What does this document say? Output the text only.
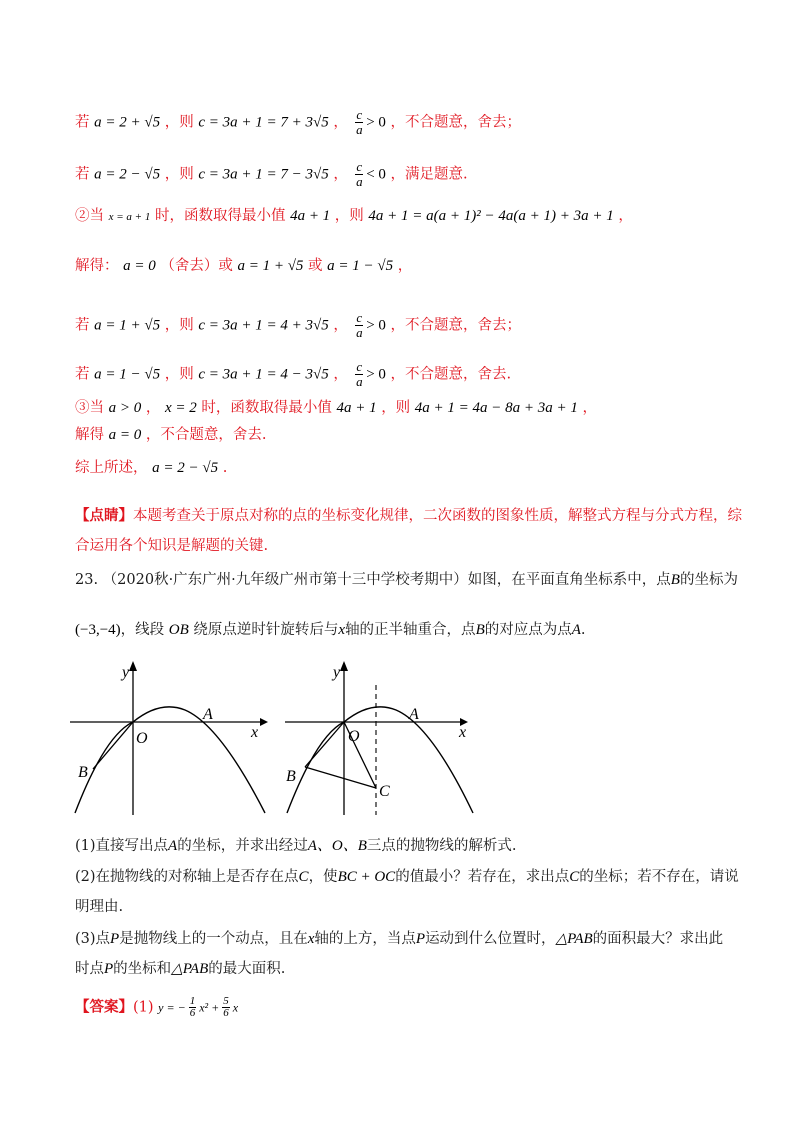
若 a = 2 + √5 ，则 c = 3a + 1 = 7 + 3√5 ， $\frac{c}{a} > 0$ ，不合题意，舍去；
若 a = 2 − √5 ，则 c = 3a + 1 = 7 − 3√5 ， $\frac{c}{a} < 0$ ，满足题意.
②当 x = a + 1 时，函数取得最小值 4a + 1 ，则 4a + 1 = a(a + 1)² − 4a(a + 1) + 3a + 1 ，
解得： a = 0 （舍去）或 a = 1 + √5 或 a = 1 − √5 ，
若 a = 1 + √5 ，则 c = 3a + 1 = 4 + 3√5 ， $\frac{c}{a} > 0$ ，不合题意，舍去；
若 a = 1 − √5 ，则 c = 3a + 1 = 4 − 3√5 ， $\frac{c}{a} > 0$ ，不合题意，舍去.
③当 a > 0 ， x = 2 时，函数取得最小值 4a + 1 ，则 4a + 1 = 4a − 8a + 3a + 1 ，
解得 a = 0 ，不合题意，舍去.
综上所述， a = 2 − √5 .
【点睛】本题考查关于原点对称的点的坐标变化规律，二次函数的图象性质，解整式方程与分式方程，综
合运用各个知识是解题的关键.
23. （2020秋·广东广州·九年级广州市第十三中学校考期中）如图，在平面直角坐标系中，点B的坐标为
(−3,−4)，线段 OB 绕原点逆时针旋转后与x轴的正半轴重合，点B的对应点为点A.
y
x
O
A
B
y
x
O
A
B
C
(1)直接写出点A的坐标，并求出经过A、O、B三点的抛物线的解析式.
(2)在抛物线的对称轴上是否存在点C，使BC + OC的值最小？若存在，求出点C的坐标；若不存在，请说
明理由.
(3)点P是抛物线上的一个动点，且在x轴的上方，当点P运动到什么位置时，△PAB的面积最大？求出此
时点P的坐标和△PAB的最大面积.
【答案】(1) y = − $\frac{1}{6} x^2 + \frac{5}{6}$ x
